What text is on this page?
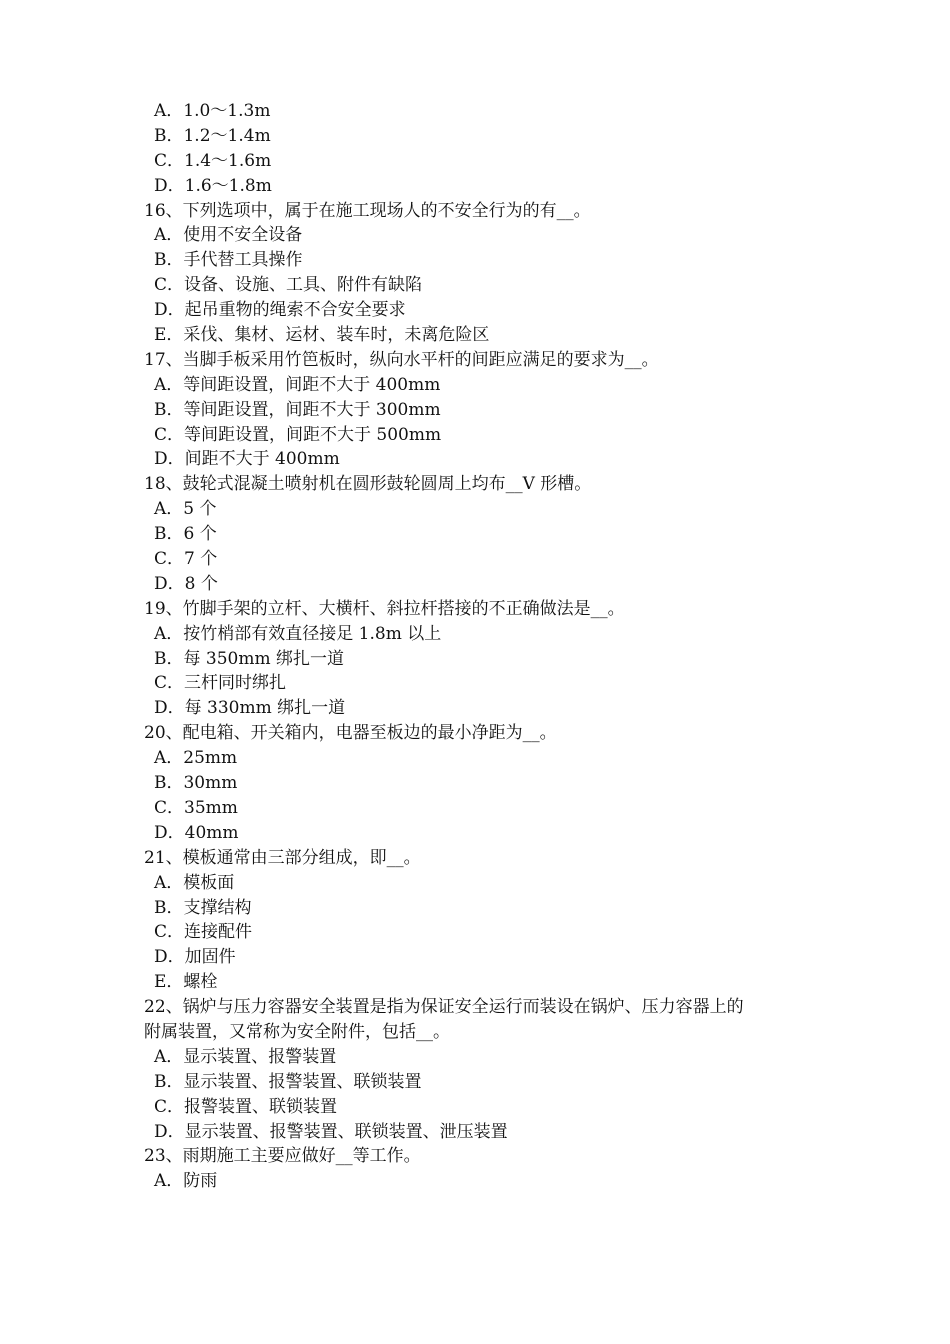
A．1.0～1.3m
B．1.2～1.4m
C．1.4～1.6m
D．1.6～1.8m
16、下列选项中，属于在施工现场人的不安全行为的有__。
A．使用不安全设备
B．手代替工具操作
C．设备、设施、工具、附件有缺陷
D．起吊重物的绳索不合安全要求
E．采伐、集材、运材、装车时，未离危险区
17、当脚手板采用竹笆板时，纵向水平杆的间距应满足的要求为__。
A．等间距设置，间距不大于 400mm
B．等间距设置，间距不大于 300mm
C．等间距设置，间距不大于 500mm
D．间距不大于 400mm
18、鼓轮式混凝土喷射机在圆形鼓轮圆周上均布__V 形槽。
A．5 个
B．6 个
C．7 个
D．8 个
19、竹脚手架的立杆、大横杆、斜拉杆搭接的不正确做法是__。
A．按竹梢部有效直径接足 1.8m 以上
B．每 350mm 绑扎一道
C．三杆同时绑扎
D．每 330mm 绑扎一道
20、配电箱、开关箱内，电器至板边的最小净距为__。
A．25mm
B．30mm
C．35mm
D．40mm
21、模板通常由三部分组成，即__。
A．模板面
B．支撑结构
C．连接配件
D．加固件
E．螺栓
22、锅炉与压力容器安全装置是指为保证安全运行而装设在锅炉、压力容器上的
附属装置，又常称为安全附件，包括__。
A．显示装置、报警装置
B．显示装置、报警装置、联锁装置
C．报警装置、联锁装置
D．显示装置、报警装置、联锁装置、泄压装置
23、雨期施工主要应做好__等工作。
A．防雨
